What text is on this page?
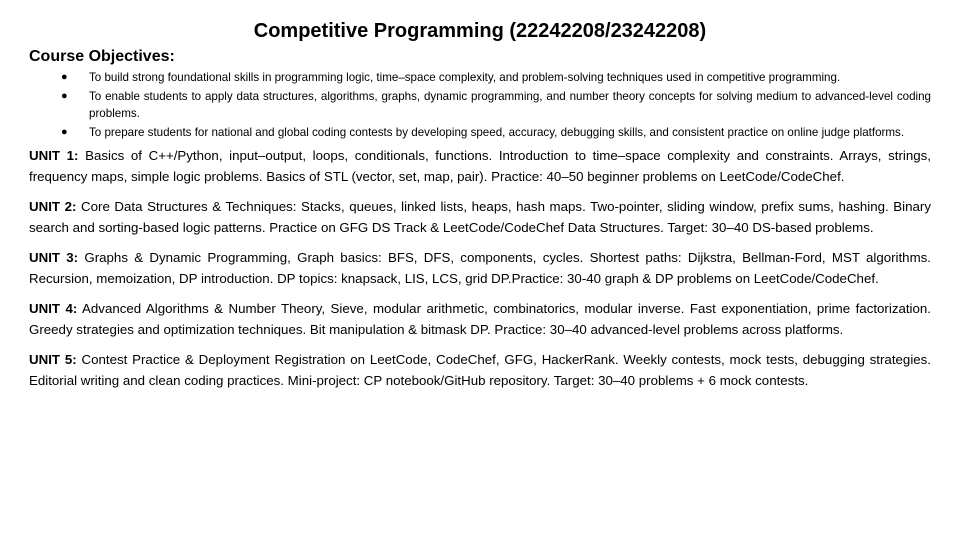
Competitive Programming (22242208/23242208)
Course Objectives:
● To build strong foundational skills in programming logic, time–space complexity, and problem-solving techniques used in competitive programming.
● To enable students to apply data structures, algorithms, graphs, dynamic programming, and number theory concepts for solving medium to advanced-level coding problems.
● To prepare students for national and global coding contests by developing speed, accuracy, debugging skills, and consistent practice on online judge platforms.

UNIT 1: Basics of C++/Python, input–output, loops, conditionals, functions. Introduction to time–space complexity and constraints. Arrays, strings, frequency maps, simple logic problems. Basics of STL (vector, set, map, pair). Practice: 40–50 beginner problems on LeetCode/CodeChef.

UNIT 2: Core Data Structures & Techniques: Stacks, queues, linked lists, heaps, hash maps. Two-pointer, sliding window, prefix sums, hashing. Binary search and sorting-based logic patterns. Practice on GFG DS Track & LeetCode/CodeChef Data Structures. Target: 30–40 DS-based problems.

UNIT 3: Graphs & Dynamic Programming, Graph basics: BFS, DFS, components, cycles. Shortest paths: Dijkstra, Bellman-Ford, MST algorithms. Recursion, memoization, DP introduction. DP topics: knapsack, LIS, LCS, grid DP.Practice: 30-40 graph & DP problems on LeetCode/CodeChef.

UNIT 4: Advanced Algorithms & Number Theory, Sieve, modular arithmetic, combinatorics, modular inverse. Fast exponentiation, prime factorization. Greedy strategies and optimization techniques. Bit manipulation & bitmask DP. Practice: 30–40 advanced-level problems across platforms.

UNIT 5: Contest Practice & Deployment Registration on LeetCode, CodeChef, GFG, HackerRank. Weekly contests, mock tests, debugging strategies. Editorial writing and clean coding practices. Mini-project: CP notebook/GitHub repository. Target: 30–40 problems + 6 mock contests.
